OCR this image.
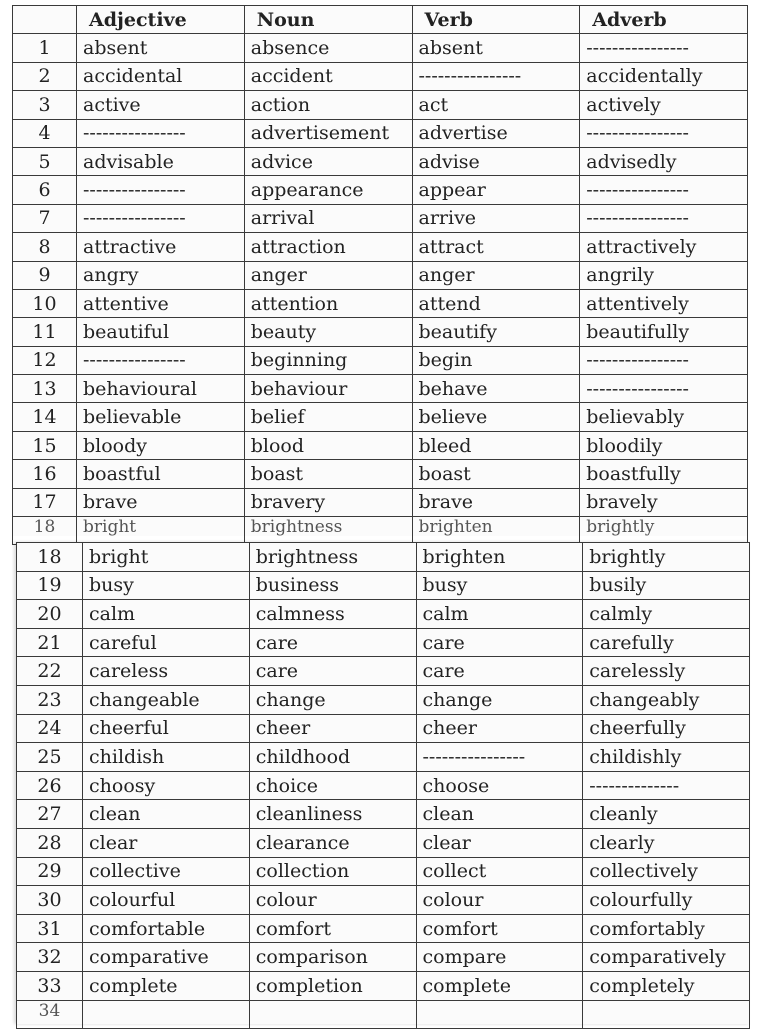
	Adjective	Noun	Verb	Adverb
1	absent	absence	absent	----------------
2	accidental	accident	----------------	accidentally
3	active	action	act	actively
4	----------------	advertisement	advertise	----------------
5	advisable	advice	advise	advisedly
6	----------------	appearance	appear	----------------
7	----------------	arrival	arrive	----------------
8	attractive	attraction	attract	attractively
9	angry	anger	anger	angrily
10	attentive	attention	attend	attentively
11	beautiful	beauty	beautify	beautifully
12	----------------	beginning	begin	----------------
13	behavioural	behaviour	behave	----------------
14	believable	belief	believe	believably
15	bloody	blood	bleed	bloodily
16	boastful	boast	boast	boastfully
17	brave	bravery	brave	bravely
18	bright	brightness	brighten	brightly
18	bright	brightness	brighten	brightly
19	busy	business	busy	busily
20	calm	calmness	calm	calmly
21	careful	care	care	carefully
22	careless	care	care	carelessly
23	changeable	change	change	changeably
24	cheerful	cheer	cheer	cheerfully
25	childish	childhood	----------------	childishly
26	choosy	choice	choose	--------------
27	clean	cleanliness	clean	cleanly
28	clear	clearance	clear	clearly
29	collective	collection	collect	collectively
30	colourful	colour	colour	colourfully
31	comfortable	comfort	comfort	comfortably
32	comparative	comparison	compare	comparatively
33	complete	completion	complete	completely
34				
